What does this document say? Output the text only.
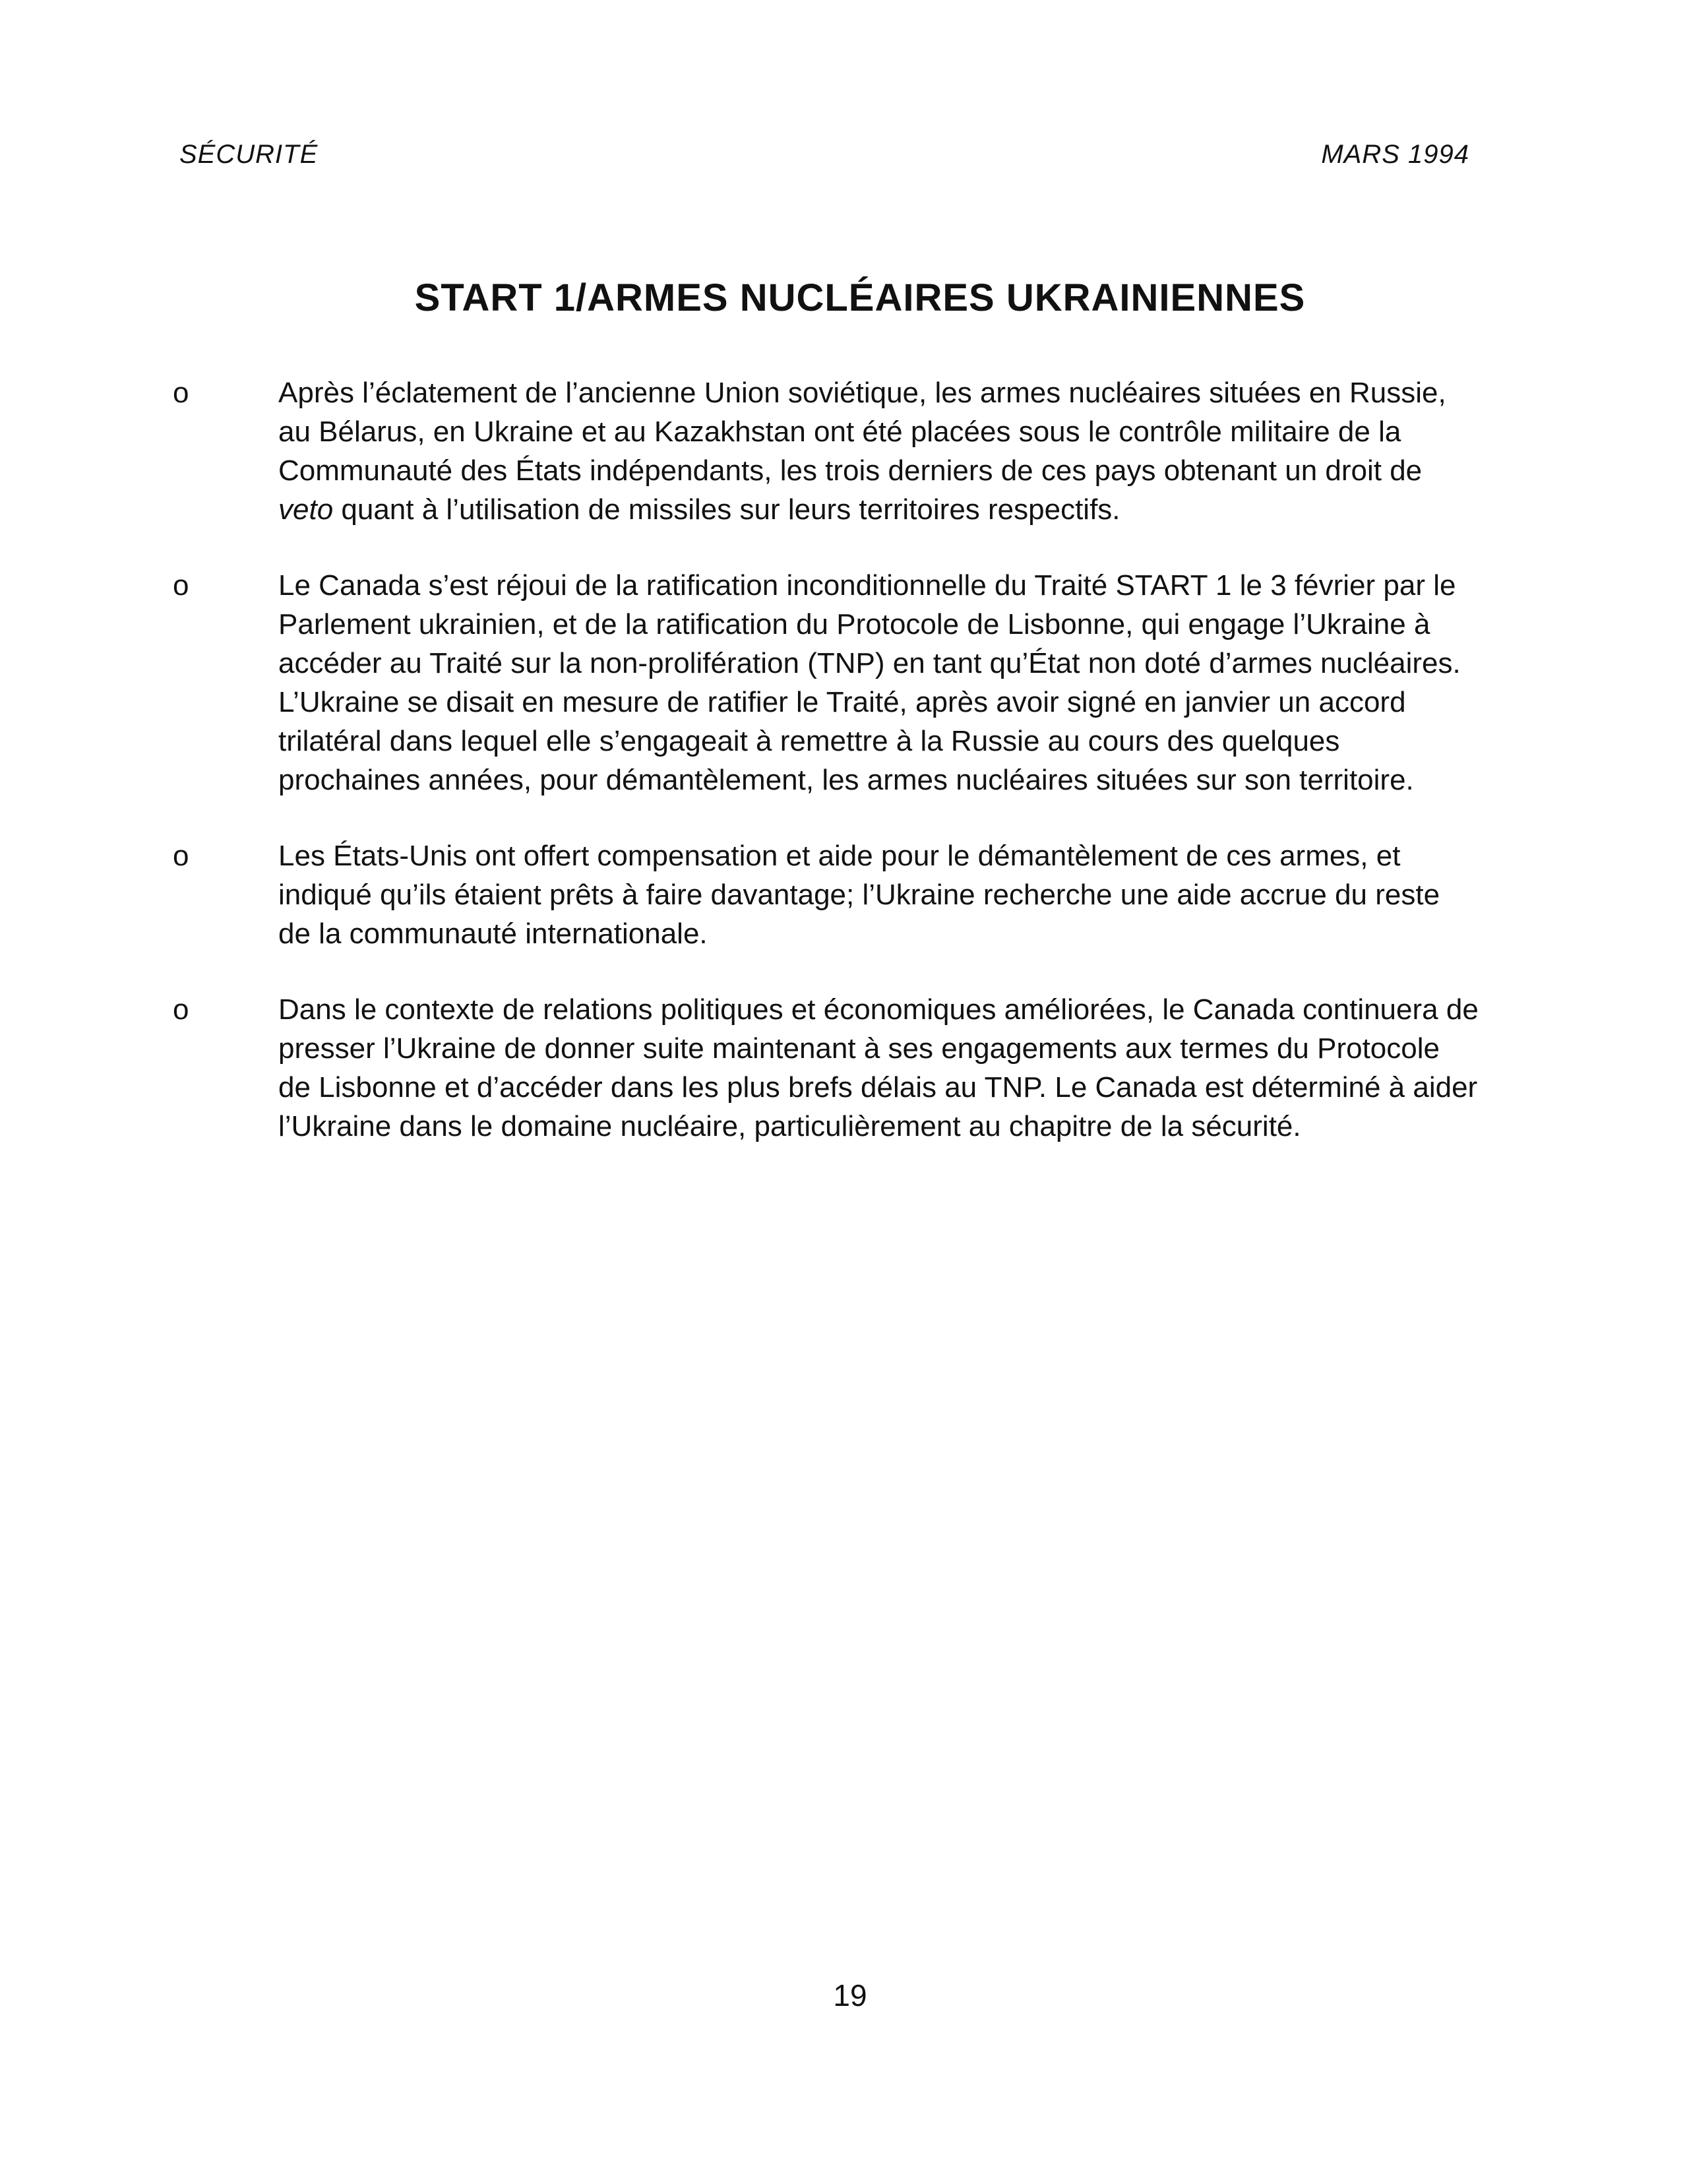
SÉCURITÉ	MARS 1994
START 1/ARMES NUCLÉAIRES UKRAINIENNES
o	Après l’éclatement de l’ancienne Union soviétique, les armes nucléaires situées en Russie, au Bélarus, en Ukraine et au Kazakhstan ont été placées sous le contrôle militaire de la Communauté des États indépendants, les trois derniers de ces pays obtenant un droit de veto quant à l’utilisation de missiles sur leurs territoires respectifs.
o	Le Canada s’est réjoui de la ratification inconditionnelle du Traité START 1 le 3 février par le Parlement ukrainien, et de la ratification du Protocole de Lisbonne, qui engage l’Ukraine à accéder au Traité sur la non-prolifération (TNP) en tant qu’État non doté d’armes nucléaires. L’Ukraine se disait en mesure de ratifier le Traité, après avoir signé en janvier un accord trilatéral dans lequel elle s’engageait à remettre à la Russie au cours des quelques prochaines années, pour démantèlement, les armes nucléaires situées sur son territoire.
o	Les États-Unis ont offert compensation et aide pour le démantèlement de ces armes, et indiqué qu’ils étaient prêts à faire davantage; l’Ukraine recherche une aide accrue du reste de la communauté internationale.
o	Dans le contexte de relations politiques et économiques améliorées, le Canada continuera de presser l’Ukraine de donner suite maintenant à ses engagements aux termes du Protocole de Lisbonne et d’accéder dans les plus brefs délais au TNP. Le Canada est déterminé à aider l’Ukraine dans le domaine nucléaire, particulièrement au chapitre de la sécurité.
19
